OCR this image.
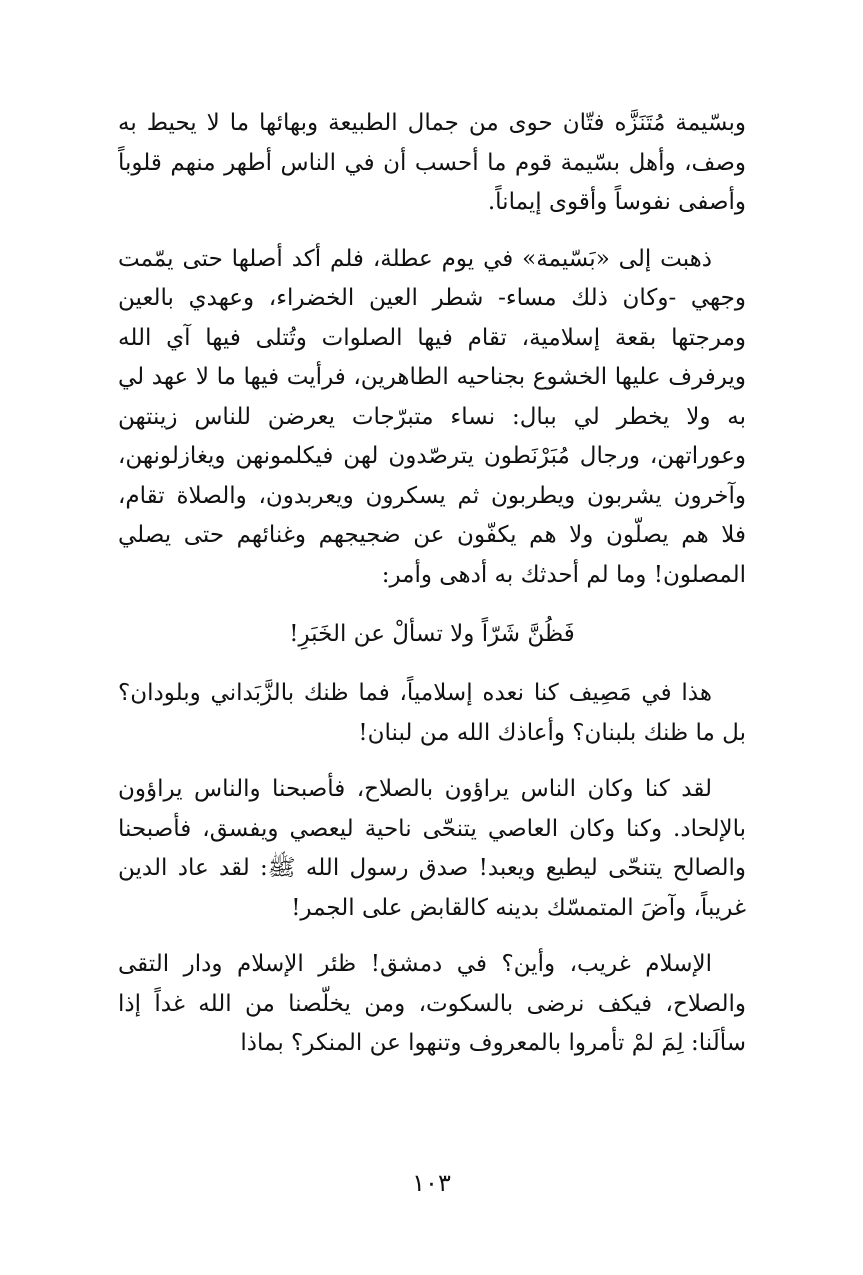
وبسّيمة مُتَنَزَّه فتّان حوى من جمال الطبيعة وبهائها ما لا يحيط به وصف، وأهل بسّيمة قوم ما أحسب أن في الناس أطهر منهم قلوباً وأصفى نفوساً وأقوى إيماناً.

ذهبت إلى «بَسّيمة» في يوم عطلة، فلم أكد أصلها حتى يمّمت وجهي -وكان ذلك مساء- شطر العين الخضراء، وعهدي بالعين ومرجتها بقعة إسلامية، تقام فيها الصلوات وتُتلى فيها آي الله ويرفرف عليها الخشوع بجناحيه الطاهرين، فرأيت فيها ما لا عهد لي به ولا يخطر لي ببال: نساء متبرّجات يعرضن للناس زينتهن وعوراتهن، ورجال مُبَرْنَطون يترصّدون لهن فيكلمونهن ويغازلونهن، وآخرون يشربون ويطربون ثم يسكرون ويعربدون، والصلاة تقام، فلا هم يصلّون ولا هم يكفّون عن ضجيجهم وغنائهم حتى يصلي المصلون! وما لم أحدثك به أدهى وأمر:

فَظُنَّ شَرّاً ولا تسألْ عن الخَبَرِ!

هذا في مَصِيف كنا نعده إسلامياً، فما ظنك بالزَّبَداني وبلودان؟ بل ما ظنك بلبنان؟ وأعاذك الله من لبنان!

لقد كنا وكان الناس يراؤون بالصلاح، فأصبحنا والناس يراؤون بالإلحاد. وكنا وكان العاصي يتنحّى ناحية ليعصي ويفسق، فأصبحنا والصالح يتنحّى ليطيع ويعبد! صدق رسول الله ﷺ: لقد عاد الدين غريباً، وآضَ المتمسّك بدينه كالقابض على الجمر!

الإسلام غريب، وأين؟ في دمشق! ظئر الإسلام ودار التقى والصلاح، فيكف نرضى بالسكوت، ومن يخلّصنا من الله غداً إذا سألَنا: لِمَ لمْ تأمروا بالمعروف وتنهوا عن المنكر؟ بماذا

١٠٣
